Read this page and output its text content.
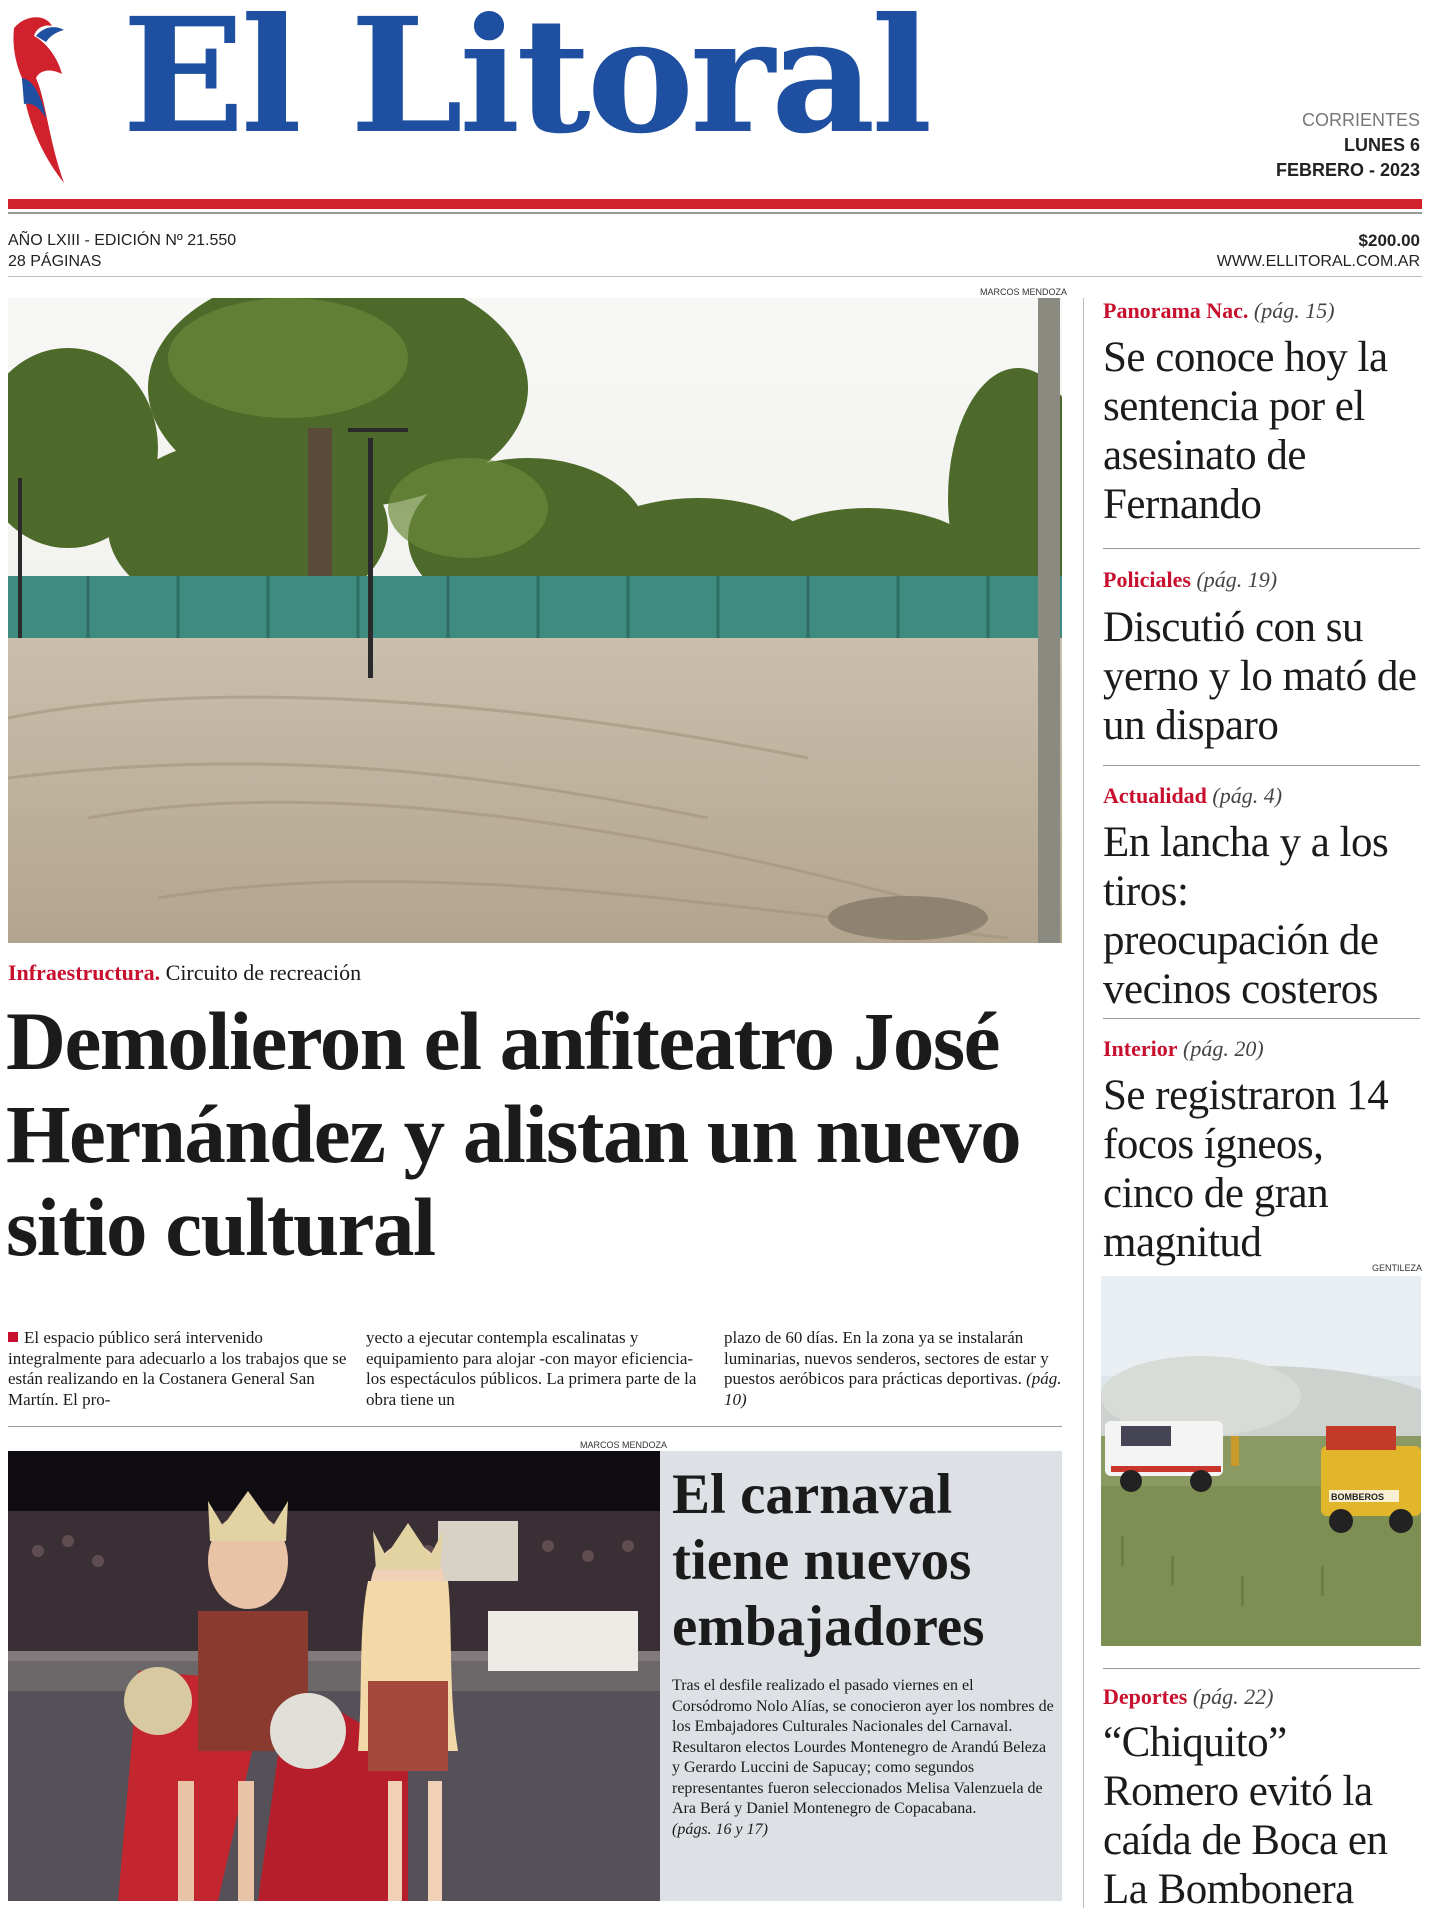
El Litoral	CORRIENTES
LUNES 6
FEBRERO - 2023
AÑO LXIII - EDICIÓN Nº 21.550
28 PÁGINAS
$200.00
WWW.ELLITORAL.COM.AR
MARCOS MENDOZA
Infraestructura. Circuito de recreación
Demolieron el anfiteatro José Hernández y alistan un nuevo sitio cultural
El espacio público será intervenido integralmente para adecuarlo a los trabajos que se están realizando en la Costanera General San Martín. El pro-
yecto a ejecutar contempla escalinatas y equipamiento para alojar -con mayor eficiencia- los espectáculos públicos. La primera parte de la obra tiene un
plazo de 60 días. En la zona ya se instalarán luminarias, nuevos senderos, sectores de estar y puestos aeróbicos para prácticas deportivas. (pág. 10)
MARCOS MENDOZA
El carnaval tiene nuevos embajadores
Tras el desfile realizado el pasado viernes en el Corsódromo Nolo Alías, se conocieron ayer los nombres de los Embajadores Culturales Nacionales del Carnaval. Resultaron electos Lourdes Montenegro de Arandú Beleza y Gerardo Luccini de Sapucay; como segundos representantes fueron seleccionados Melisa Valenzuela de Ara Berá y Daniel Montenegro de Copacabana.
(págs. 16 y 17)
Panorama Nac. (pág. 15)
Se conoce hoy la sentencia por el asesinato de Fernando
Policiales (pág. 19)
Discutió con su yerno y lo mató de un disparo
Actualidad (pág. 4)
En lancha y a los tiros: preocupación de vecinos costeros
Interior (pág. 20)
Se registraron 14 focos ígneos, cinco de gran magnitud
GENTILEZA
BOMBEROS
Deportes (pág. 22)
“Chiquito” Romero evitó la caída de Boca en La Bombonera
